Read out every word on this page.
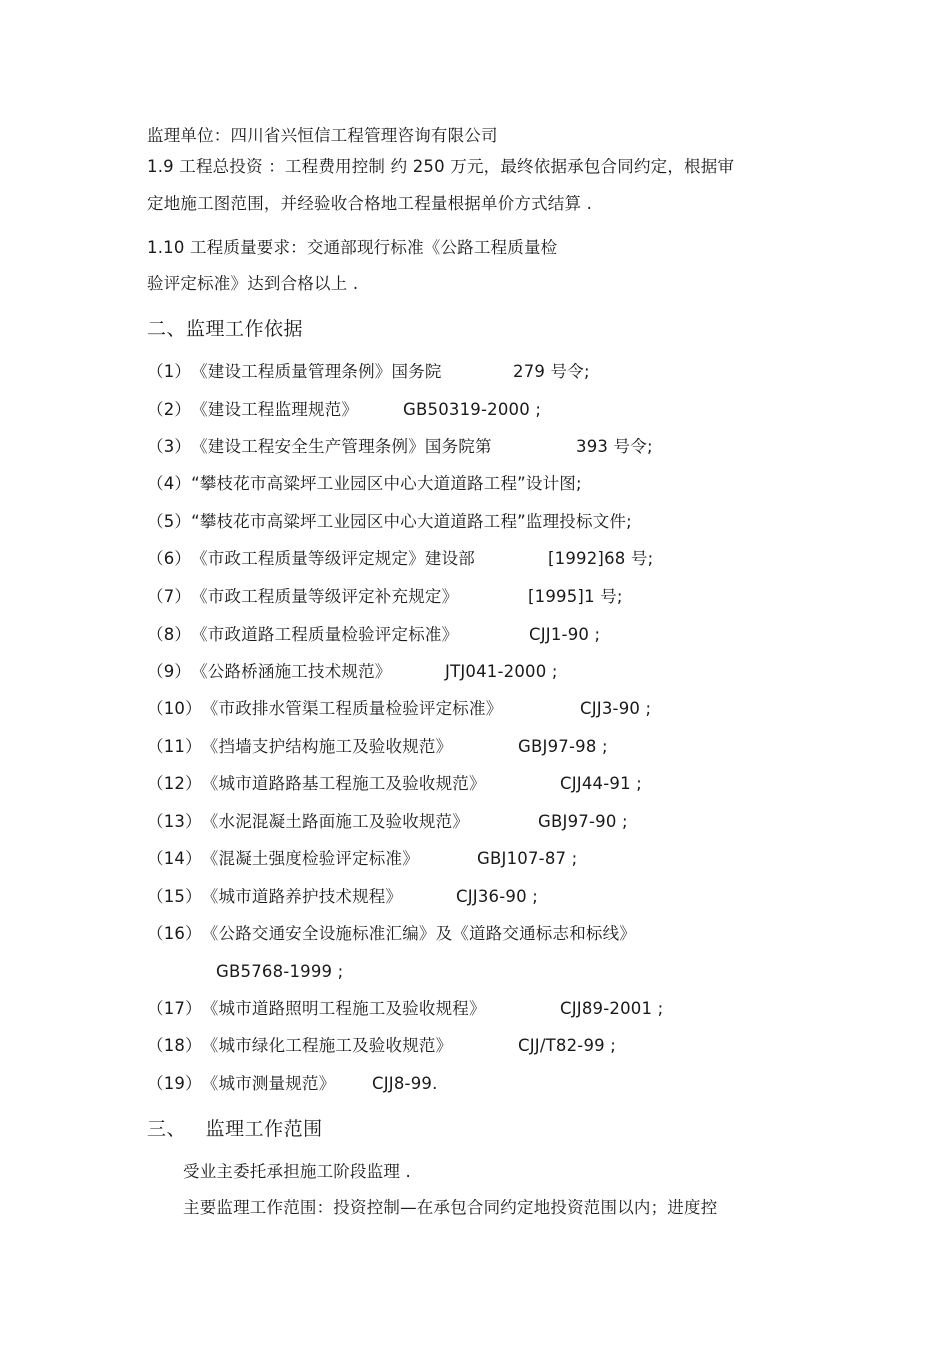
监理单位：四川省兴恒信工程管理咨询有限公司
1.9 工程总投资 ：工程费用控制 约 250 万元，最终依据承包合同约定，根据审
定地施工图范围，并经验收合格地工程量根据单价方式结算 .
1.10 工程质量要求：交通部现行标准《公路工程质量检
验评定标准》达到合格以上 .
二、监理工作依据
（1）《建设工程质量管理条例》国务院	279 号令;
（2）《建设工程监理规范》	GB50319-2000 ;
（3）《建设工程安全生产管理条例》国务院第	393 号令;
（4）“攀枝花市高粱坪工业园区中心大道道路工程”设计图;
（5）“攀枝花市高粱坪工业园区中心大道道路工程”监理投标文件;
（6）《市政工程质量等级评定规定》建设部	[1992]68 号;
（7）《市政工程质量等级评定补充规定》	[1995]1 号;
（8）《市政道路工程质量检验评定标准》	CJJ1-90 ;
（9）《公路桥涵施工技术规范》	JTJ041-2000 ;
（10）《市政排水管渠工程质量检验评定标准》	CJJ3-90 ;
（11）《挡墙支护结构施工及验收规范》	GBJ97-98 ;
（12）《城市道路路基工程施工及验收规范》	CJJ44-91 ;
（13）《水泥混凝土路面施工及验收规范》	GBJ97-90 ;
（14）《混凝土强度检验评定标准》	GBJ107-87 ;
（15）《城市道路养护技术规程》	CJJ36-90 ;
（16）《公路交通安全设施标准汇编》及《道路交通标志和标线》
GB5768-1999 ;
（17）《城市道路照明工程施工及验收规程》	CJJ89-2001 ;
（18）《城市绿化工程施工及验收规范》	CJJ/T82-99 ;
（19）《城市测量规范》 CJJ8-99.
三、   监理工作范围
受业主委托承担施工阶段监理 .
主要监理工作范围：投资控制—在承包合同约定地投资范围以内；进度控
